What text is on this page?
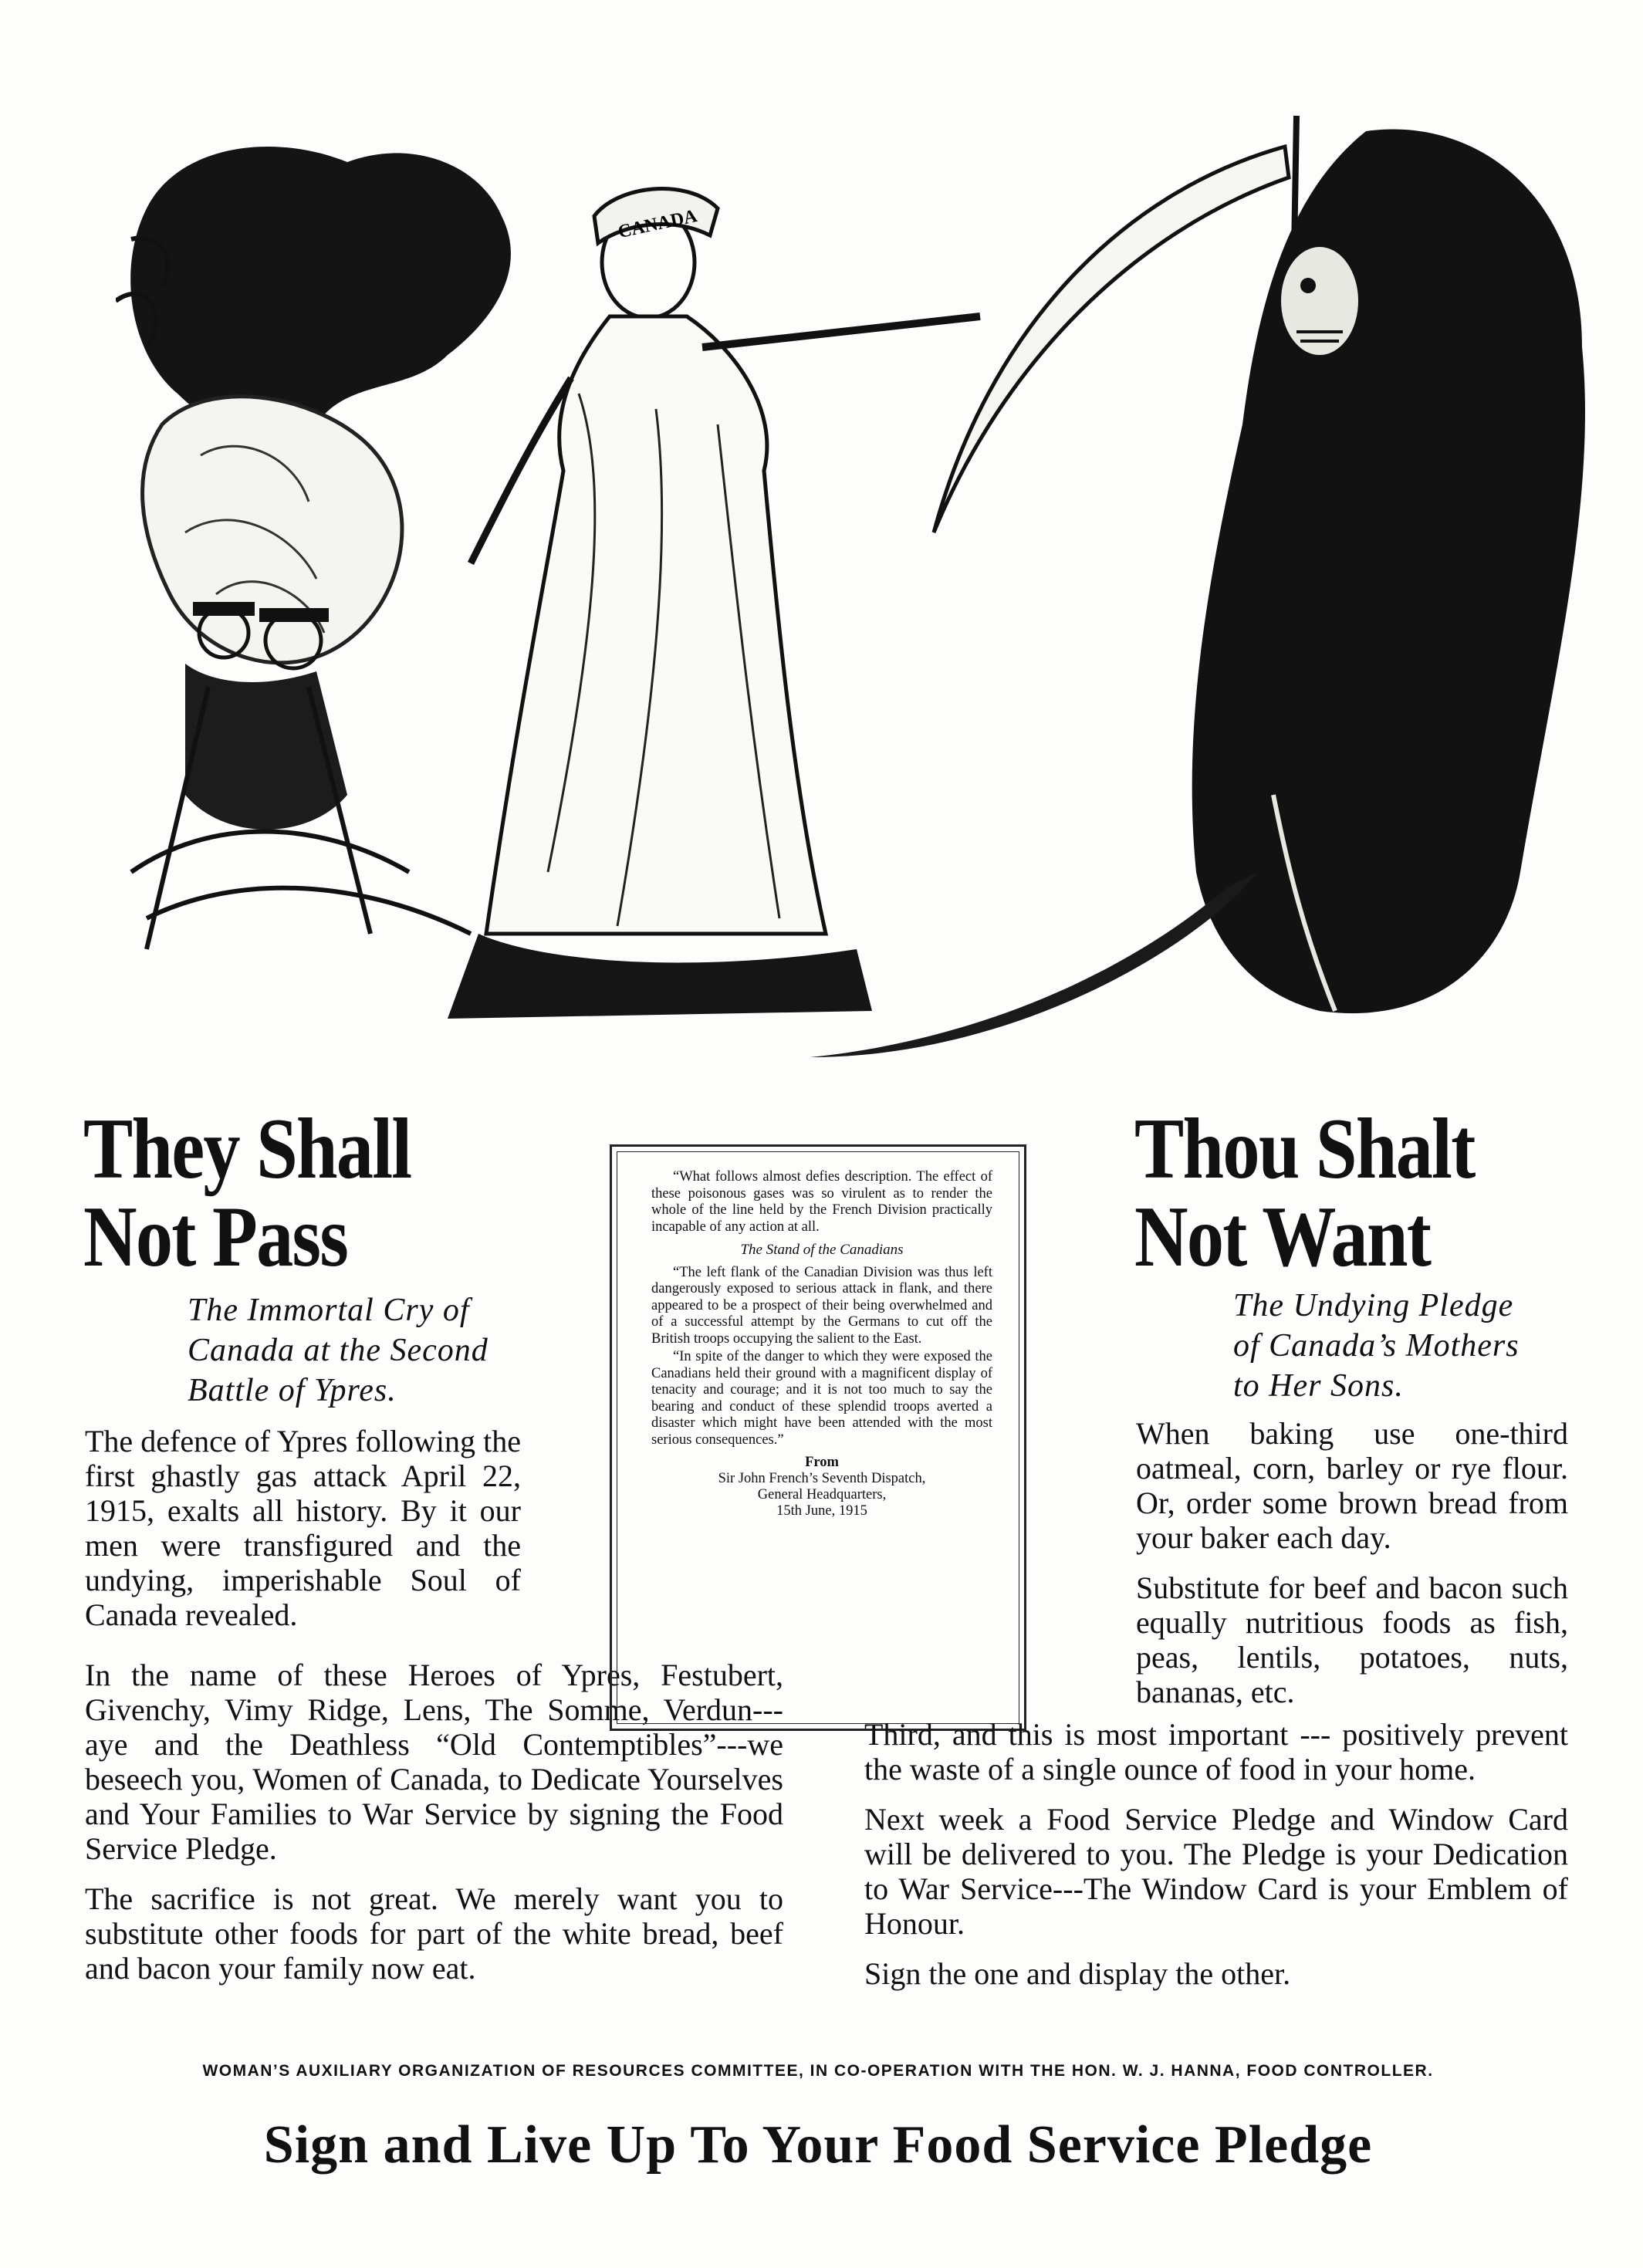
CANADA
They Shall
Not Pass
The Immortal Cry of
Canada at the Second
Battle of Ypres.

The defence of Ypres following the first ghastly gas attack April 22, 1915, exalts all history. By it our men were transfigured and the undying, imperishable Soul of Canada revealed.

In the name of these Heroes of Ypres, Festubert, Givenchy, Vimy Ridge, Lens, The Somme, Verdun---aye and the Deathless “Old Contemptibles”---we beseech you, Women of Canada, to Dedicate Yourselves and Your Families to War Service by signing the Food Service Pledge.

The sacrifice is not great. We merely want you to substitute other foods for part of the white bread, beef and bacon your family now eat.

“What follows almost defies description. The effect of these poisonous gases was so virulent as to render the whole of the line held by the French Division practically incapable of any action at all.

The Stand of the Canadians

“The left flank of the Canadian Division was thus left dangerously exposed to serious attack in flank, and there appeared to be a prospect of their being overwhelmed and of a successful attempt by the Germans to cut off the British troops occupying the salient to the East.

“In spite of the danger to which they were exposed the Canadians held their ground with a magnificent display of tenacity and courage; and it is not too much to say the bearing and conduct of these splendid troops averted a disaster which might have been attended with the most serious consequences.”

From
Sir John French’s Seventh Dispatch,
General Headquarters,
15th June, 1915
Thou Shalt
Not Want
The Undying Pledge
of Canada’s Mothers
to Her Sons.

When baking use one-third oatmeal, corn, barley or rye flour. Or, order some brown bread from your baker each day.

Substitute for beef and bacon such equally nutritious foods as fish, peas, lentils, potatoes, nuts, bananas, etc.

Third, and this is most important --- positively prevent the waste of a single ounce of food in your home.

Next week a Food Service Pledge and Window Card will be delivered to you. The Pledge is your Dedication to War Service---The Window Card is your Emblem of Honour.

Sign the one and display the other.

WOMAN’S AUXILIARY ORGANIZATION OF RESOURCES COMMITTEE, IN CO-OPERATION WITH THE HON. W. J. HANNA, FOOD CONTROLLER.
Sign and Live Up To Your Food Service Pledge
